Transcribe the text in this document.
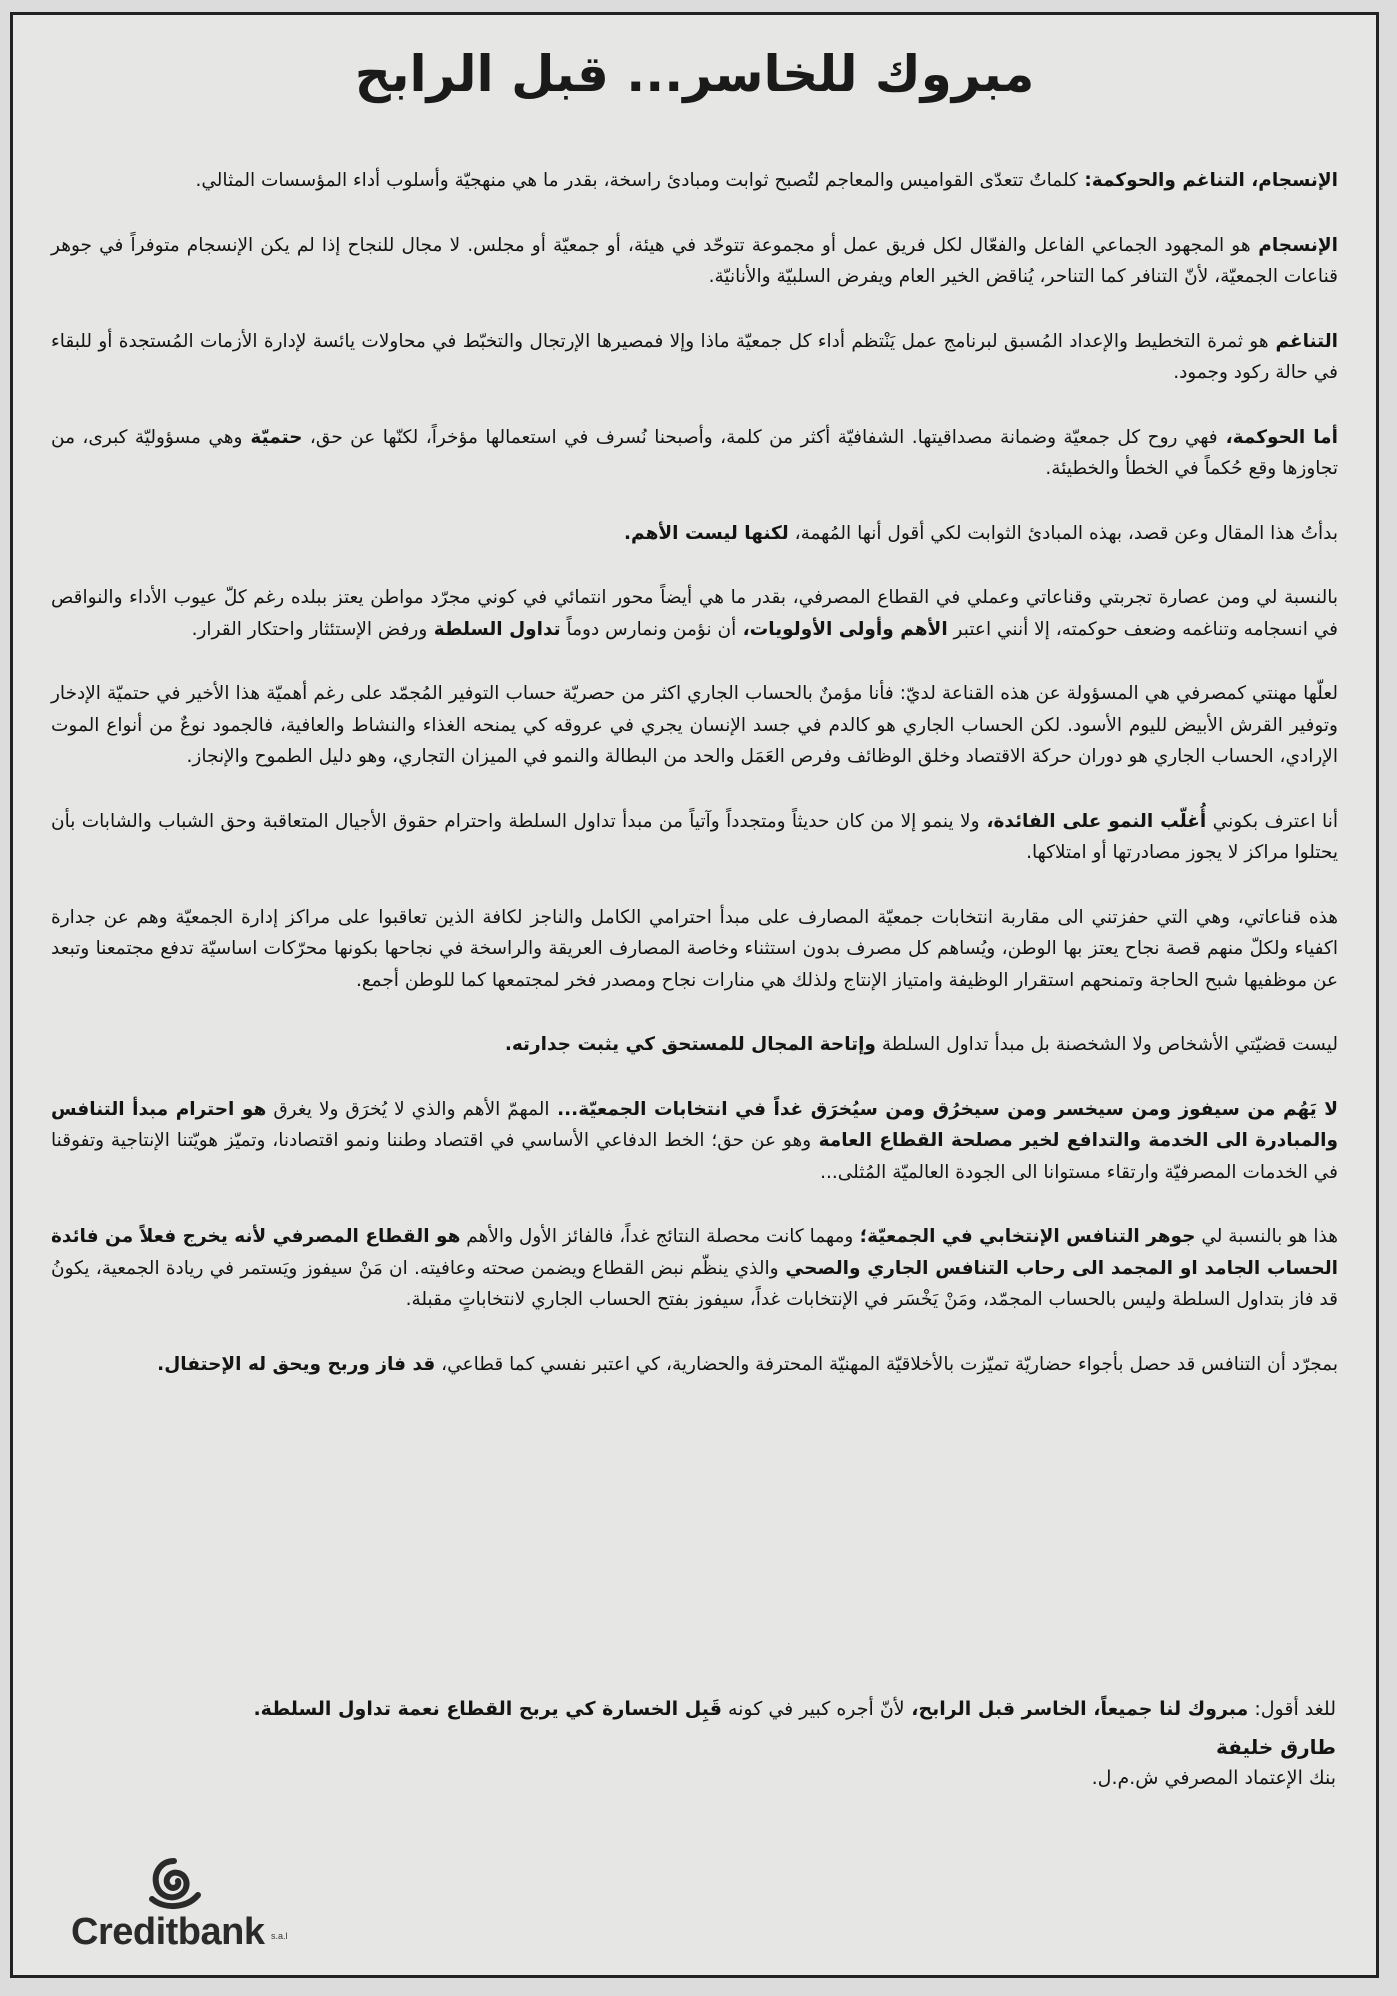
مبروك للخاسر... قبل الرابح

الإنسجام، التناغم والحوكمة: كلماتٌ تتعدّى القواميس والمعاجم لتُصبح ثوابت ومبادئ راسخة، بقدر ما هي منهجيّة وأسلوب أداء المؤسسات المثالي.

الإنسجام هو المجهود الجماعي الفاعل والفعّال لكل فريق عمل أو مجموعة تتوحّد في هيئة، أو جمعيّة أو مجلس. لا مجال للنجاح إذا لم يكن الإنسجام متوفراً في جوهر قناعات الجمعيّة، لأنّ التنافر كما التناحر، يُناقض الخير العام ويفرض السلبيّة والأنانيّة.

التناغم هو ثمرة التخطيط والإعداد المُسبق لبرنامج عمل يَنْتظم أداء كل جمعيّة ماذا وإلا فمصيرها الإرتجال والتخبّط في محاولات يائسة لإدارة الأزمات المُستجدة أو للبقاء في حالة ركود وجمود.

أما الحوكمة، فهي روح كل جمعيّة وضمانة مصداقيتها. الشفافيّة أكثر من كلمة، وأصبحنا نُسرف في استعمالها مؤخراً، لكنّها عن حق، حتميّة وهي مسؤوليّة كبرى، من تجاوزها وقع حُكماً في الخطأ والخطيئة.

بدأتُ هذا المقال وعن قصد، بهذه المبادئ الثوابت لكي أقول أنها المُهمة، لكنها ليست الأهم.

بالنسبة لي ومن عصارة تجربتي وقناعاتي وعملي في القطاع المصرفي، بقدر ما هي أيضاً محور انتمائي في كوني مجرّد مواطن يعتز ببلده رغم كلّ عيوب الأداء والنواقص في انسجامه وتناغمه وضعف حوكمته، إلا أنني اعتبر الأهم وأولى الأولويات، أن نؤمن ونمارس دوماً تداول السلطة ورفض الإستئثار واحتكار القرار.

لعلّها مهنتي كمصرفي هي المسؤولة عن هذه القناعة لديّ: فأنا مؤمنٌ بالحساب الجاري اكثر من حصريّة حساب التوفير المُجمّد على رغم أهميّة هذا الأخير في حتميّة الإدخار وتوفير القرش الأبيض لليوم الأسود. لكن الحساب الجاري هو كالدم في جسد الإنسان يجري في عروقه كي يمنحه الغذاء والنشاط والعافية، فالجمود نوعٌ من أنواع الموت الإرادي، الحساب الجاري هو دوران حركة الاقتصاد وخلق الوظائف وفرص العَمَل والحد من البطالة والنمو في الميزان التجاري، وهو دليل الطموح والإنجاز.

أنا اعترف بكوني أُغلّب النمو على الفائدة، ولا ينمو إلا من كان حديثاً ومتجدداً وآتياً من مبدأ تداول السلطة واحترام حقوق الأجيال المتعاقبة وحق الشباب والشابات بأن يحتلوا مراكز لا يجوز مصادرتها أو امتلاكها.

هذه قناعاتي، وهي التي حفزتني الى مقاربة انتخابات جمعيّة المصارف على مبدأ احترامي الكامل والناجز لكافة الذين تعاقبوا على مراكز إدارة الجمعيّة وهم عن جدارة اكفياء ولكلّ منهم قصة نجاح يعتز بها الوطن، ويُساهم كل مصرف بدون استثناء وخاصة المصارف العريقة والراسخة في نجاحها بكونها محرّكات اساسيّة تدفع مجتمعنا وتبعد عن موظفيها شبح الحاجة وتمنحهم استقرار الوظيفة وامتياز الإنتاج ولذلك هي منارات نجاح ومصدر فخر لمجتمعها كما للوطن أجمع.

ليست قضيّتي الأشخاص ولا الشخصنة بل مبدأ تداول السلطة وإتاحة المجال للمستحق كي يثبت جدارته.

لا يَهُم من سيفوز ومن سيخسر ومن سيخرُق ومن سيُخرَق غداً في انتخابات الجمعيّة... المهمّ الأهم والذي لا يُخرَق ولا يغرق هو احترام مبدأ التنافس والمبادرة الى الخدمة والتدافع لخير مصلحة القطاع العامة وهو عن حق؛ الخط الدفاعي الأساسي في اقتصاد وطننا ونمو اقتصادنا، وتميّز هويّتنا الإنتاجية وتفوقنا في الخدمات المصرفيّة وارتقاء مستوانا الى الجودة العالميّة المُثلى...

هذا هو بالنسبة لي جوهر التنافس الإنتخابي في الجمعيّة؛ ومهما كانت محصلة النتائج غداً، فالفائز الأول والأهم هو القطاع المصرفي لأنه يخرج فعلاً من فائدة الحساب الجامد او المجمد الى رحاب التنافس الجاري والصحي والذي ينظّم نبض القطاع ويضمن صحته وعافيته. ان مَنْ سيفوز ويَستمر في ريادة الجمعية، يكونُ قد فاز بتداول السلطة وليس بالحساب المجمّد، ومَنْ يَخْسَر في الإنتخابات غداً، سيفوز بفتح الحساب الجاري لانتخاباتٍ مقبلة.

بمجرّد أن التنافس قد حصل بأجواء حضاريّة تميّزت بالأخلاقيّة المهنيّة المحترفة والحضارية، كي اعتبر نفسي كما قطاعي، قد فاز وربح ويحق له الإحتفال.

للغد أقول: مبروك لنا جميعاً، الخاسر قبل الرابح، لأنّ أجره كبير في كونه قَبِل الخسارة كي يربح القطاع نعمة تداول السلطة.
طارق خليفة
بنك الإعتماد المصرفي ش.م.ل.
Creditbank s.a.l
